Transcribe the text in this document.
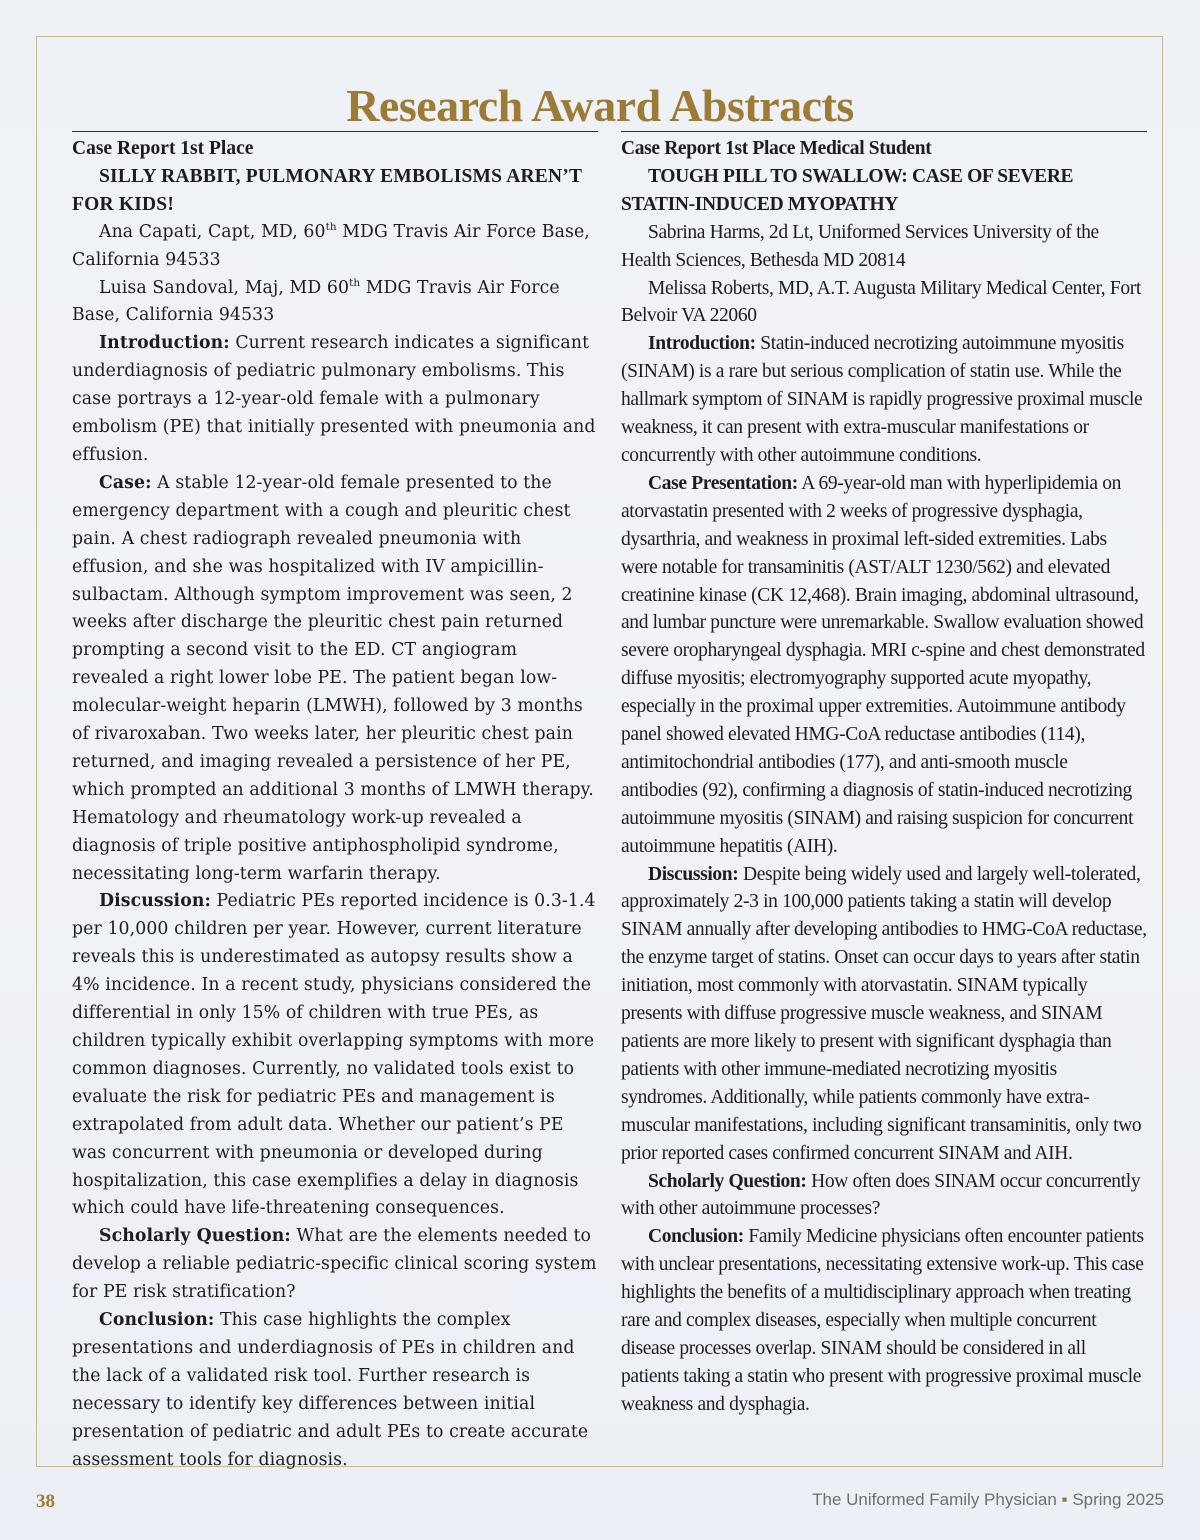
Research Award Abstracts
Case Report 1st Place
SILLY RABBIT, PULMONARY EMBOLISMS AREN’T FOR KIDS!

Ana Capati, Capt, MD, 60th MDG Travis Air Force Base, California 94533

Luisa Sandoval, Maj, MD 60th MDG Travis Air Force Base, California 94533

Introduction: Current research indicates a significant underdiagnosis of pediatric pulmonary embolisms. This case portrays a 12-year-old female with a pulmonary embolism (PE) that initially presented with pneumonia and effusion.

Case: A stable 12-year-old female presented to the emergency department with a cough and pleuritic chest pain. A chest radiograph revealed pneumonia with effusion, and she was hospitalized with IV ampicillin-sulbactam. Although symptom improvement was seen, 2 weeks after discharge the pleuritic chest pain returned prompting a second visit to the ED. CT angiogram revealed a right lower lobe PE. The patient began low-molecular-weight heparin (LMWH), followed by 3 months of rivaroxaban. Two weeks later, her pleuritic chest pain returned, and imaging revealed a persistence of her PE, which prompted an additional 3 months of LMWH therapy. Hematology and rheumatology work-up revealed a diagnosis of triple positive antiphospholipid syndrome, necessitating long-term warfarin therapy.

Discussion: Pediatric PEs reported incidence is 0.3-1.4 per 10,000 children per year. However, current literature reveals this is underestimated as autopsy results show a 4% incidence. In a recent study, physicians considered the differential in only 15% of children with true PEs, as children typically exhibit overlapping symptoms with more common diagnoses. Currently, no validated tools exist to evaluate the risk for pediatric PEs and management is extrapolated from adult data. Whether our patient’s PE was concurrent with pneumonia or developed during hospitalization, this case exemplifies a delay in diagnosis which could have life-threatening consequences.

Scholarly Question: What are the elements needed to develop a reliable pediatric-specific clinical scoring system for PE risk stratification?

Conclusion: This case highlights the complex presentations and underdiagnosis of PEs in children and the lack of a validated risk tool. Further research is necessary to identify key differences between initial presentation of pediatric and adult PEs to create accurate assessment tools for diagnosis.

Case Report 1st Place Medical Student
TOUGH PILL TO SWALLOW: CASE OF SEVERE STATIN-INDUCED MYOPATHY

Sabrina Harms, 2d Lt, Uniformed Services University of the Health Sciences, Bethesda MD 20814

Melissa Roberts, MD, A.T. Augusta Military Medical Center, Fort Belvoir VA 22060

Introduction: Statin-induced necrotizing autoimmune myositis (SINAM) is a rare but serious complication of statin use. While the hallmark symptom of SINAM is rapidly progressive proximal muscle weakness, it can present with extra-muscular manifestations or concurrently with other autoimmune conditions.

Case Presentation: A 69-year-old man with hyperlipidemia on atorvastatin presented with 2 weeks of progressive dysphagia, dysarthria, and weakness in proximal left-sided extremities. Labs were notable for transaminitis (AST/ALT 1230/562) and elevated creatinine kinase (CK 12,468). Brain imaging, abdominal ultrasound, and lumbar puncture were unremarkable. Swallow evaluation showed severe oropharyngeal dysphagia. MRI c-spine and chest demonstrated diffuse myositis; electromyography supported acute myopathy, especially in the proximal upper extremities. Autoimmune antibody panel showed elevated HMG-CoA reductase antibodies (114), antimitochondrial antibodies (177), and anti-smooth muscle antibodies (92), confirming a diagnosis of statin-induced necrotizing autoimmune myositis (SINAM) and raising suspicion for concurrent autoimmune hepatitis (AIH).

Discussion: Despite being widely used and largely well-tolerated, approximately 2-3 in 100,000 patients taking a statin will develop SINAM annually after developing antibodies to HMG-CoA reductase, the enzyme target of statins. Onset can occur days to years after statin initiation, most commonly with atorvastatin. SINAM typically presents with diffuse progressive muscle weakness, and SINAM patients are more likely to present with significant dysphagia than patients with other immune-mediated necrotizing myositis syndromes. Additionally, while patients commonly have extra-muscular manifestations, including significant transaminitis, only two prior reported cases confirmed concurrent SINAM and AIH.

Scholarly Question: How often does SINAM occur concurrently with other autoimmune processes?

Conclusion: Family Medicine physicians often encounter patients with unclear presentations, necessitating extensive work-up. This case highlights the benefits of a multidisciplinary approach when treating rare and complex diseases, especially when multiple concurrent disease processes overlap. SINAM should be considered in all patients taking a statin who present with progressive proximal muscle weakness and dysphagia.

38	The Uniformed Family Physician ▪ Spring 2025
